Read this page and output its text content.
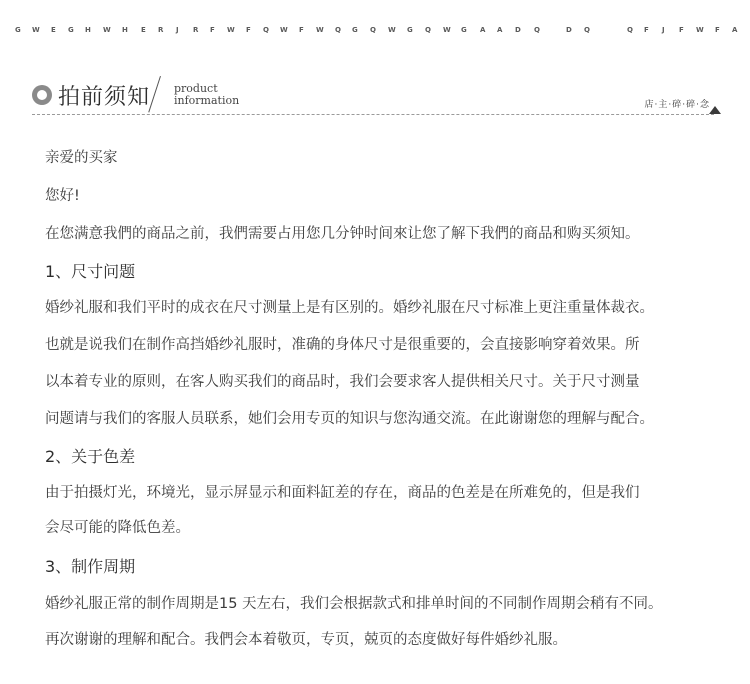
G W E G H W H E R J R F W F Q W F W Q G Q W G Q W G A A D Q	D Q	Q F J F W F A
拍前须知 product
information	店·主·碎·碎·念
亲爱的买家
您好!
在您满意我們的商品之前，我們需要占用您几分钟时间來让您了解下我們的商品和购买须知。
1、尺寸问题
婚纱礼服和我们平时的成衣在尺寸测量上是有区别的。婚纱礼服在尺寸标准上更注重量体裁衣。
也就是说我们在制作高挡婚纱礼服时，准确的身体尺寸是很重要的，会直接影响穿着效果。所
以本着专业的原则，在客人购买我们的商品时，我们会要求客人提供相关尺寸。关于尺寸测量
问题请与我们的客服人员联系，她们会用专页的知识与您沟通交流。在此谢谢您的理解与配合。
2、关于色差
由于拍摄灯光，环境光，显示屏显示和面料缸差的存在，商品的色差是在所难免的，但是我们
会尽可能的降低色差。
3、制作周期
婚纱礼服正常的制作周期是15 天左右，我们会根据款式和排单时间的不同制作周期会稍有不同。
再次谢谢的理解和配合。我們会本着敬页，专页，兢页的态度做好每件婚纱礼服。
